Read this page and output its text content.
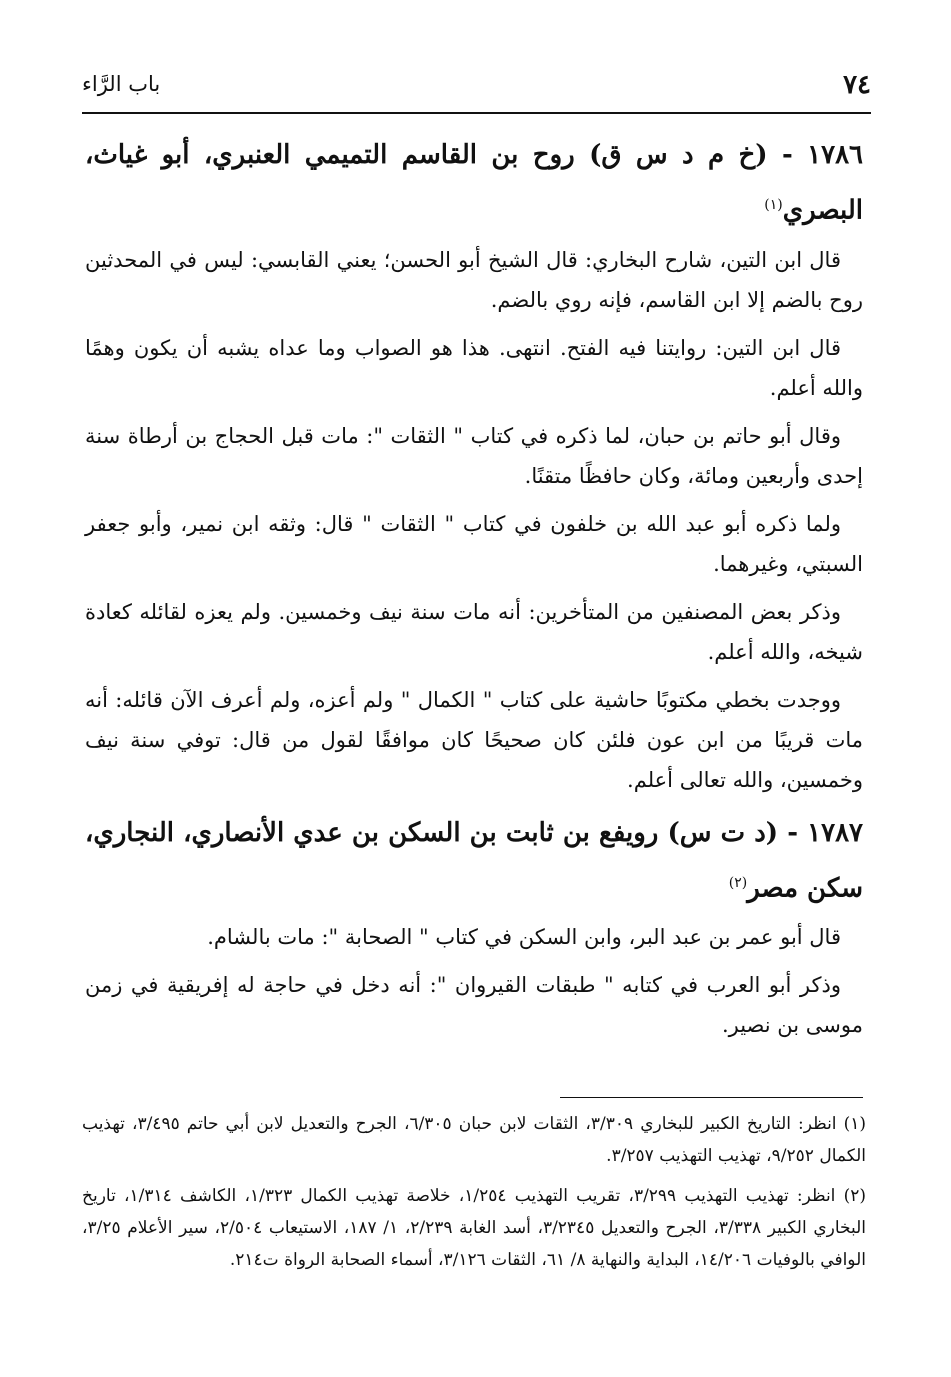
٧٤
باب الرَّاء
١٧٨٦ - (خ م د س ق) روح بن القاسم التميمي العنبري، أبو غياث، البصري$^{(١)}$

قال ابن التين، شارح البخاري: قال الشيخ أبو الحسن؛ يعني القابسي: ليس في المحدثين روح بالضم إلا ابن القاسم، فإنه روي بالضم.

قال ابن التين: روايتنا فيه الفتح. انتهى. هذا هو الصواب وما عداه يشبه أن يكون وهمًا والله أعلم.

وقال أبو حاتم بن حبان، لما ذكره في كتاب " الثقات ": مات قبل الحجاج بن أرطاة سنة إحدى وأربعين ومائة، وكان حافظًا متقنًا.

ولما ذكره أبو عبد الله بن خلفون في كتاب " الثقات " قال: وثقه ابن نمير، وأبو جعفر السبتي، وغيرهما.

وذكر بعض المصنفين من المتأخرين: أنه مات سنة نيف وخمسين. ولم يعزه لقائله كعادة شيخه، والله أعلم.

ووجدت بخطي مكتوبًا حاشية على كتاب " الكمال " ولم أعزه، ولم أعرف الآن قائله: أنه مات قريبًا من ابن عون فلئن كان صحيحًا كان موافقًا لقول من قال: توفي سنة نيف وخمسين، والله تعالى أعلم.

١٧٨٧ - (د ت س) رويفع بن ثابت بن السكن بن عدي الأنصاري، النجاري، سكن مصر$^{(٢)}$

قال أبو عمر بن عبد البر، وابن السكن في كتاب " الصحابة ": مات بالشام.

وذكر أبو العرب في كتابه " طبقات القيروان ": أنه دخل في حاجة له إفريقية في زمن موسى بن نصير.

(١) انظر: التاريخ الكبير للبخاري ٣/٣٠٩، الثقات لابن حبان ٦/٣٠٥، الجرح والتعديل لابن أبي حاتم ٣/٤٩٥، تهذيب الكمال ٩/٢٥٢، تهذيب التهذيب ٣/٢٥٧.

(٢) انظر: تهذيب التهذيب ٣/٢٩٩، تقريب التهذيب ١/٢٥٤، خلاصة تهذيب الكمال ١/٣٢٣، الكاشف ١/٣١٤، تاريخ البخاري الكبير ٣/٣٣٨، الجرح والتعديل ٣/٢٣٤٥، أسد الغابة ٢/٢٣٩، ١/ ١٨٧، الاستيعاب ٢/٥٠٤، سير الأعلام ٣/٢٥، الوافي بالوفيات ١٤/٢٠٦، البداية والنهاية ٨/ ٦١، الثقات ٣/١٢٦، أسماء الصحابة الرواة ت٢١٤.
